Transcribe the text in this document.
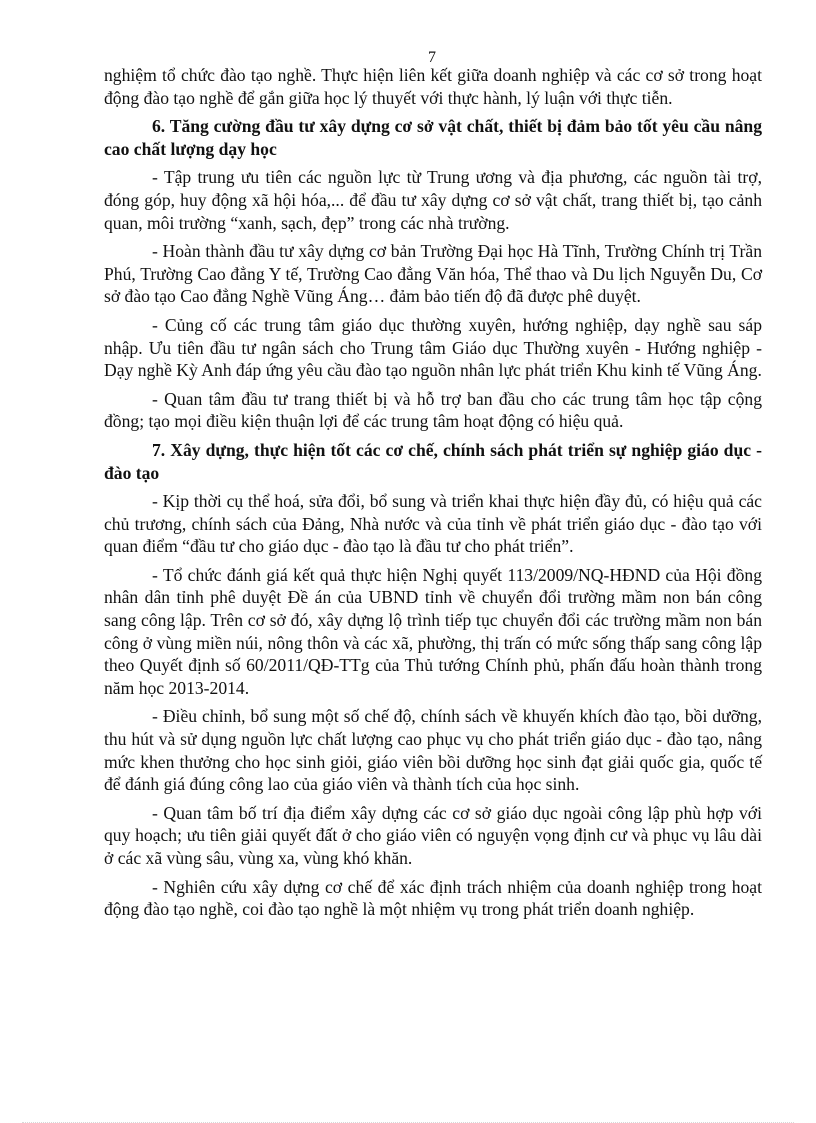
7

nghiệm tổ chức đào tạo nghề. Thực hiện liên kết giữa doanh nghiệp và các cơ sở trong hoạt động đào tạo nghề để gắn giữa học lý thuyết với thực hành, lý luận với thực tiễn.

6. Tăng cường đầu tư xây dựng cơ sở vật chất, thiết bị đảm bảo tốt yêu cầu nâng cao chất lượng dạy học

- Tập trung ưu tiên các nguồn lực từ Trung ương và địa phương, các nguồn tài trợ, đóng góp, huy động xã hội hóa,... để đầu tư xây dựng cơ sở vật chất, trang thiết bị, tạo cảnh quan, môi trường “xanh, sạch, đẹp” trong các nhà trường.

- Hoàn thành đầu tư xây dựng cơ bản Trường Đại học Hà Tĩnh, Trường Chính trị Trần Phú, Trường Cao đẳng Y tế, Trường Cao đẳng Văn hóa, Thể thao và Du lịch Nguyễn Du, Cơ sở đào tạo Cao đẳng Nghề Vũng Áng… đảm bảo tiến độ đã được phê duyệt.

- Củng cố các trung tâm giáo dục thường xuyên, hướng nghiệp, dạy nghề sau sáp nhập. Ưu tiên đầu tư ngân sách cho Trung tâm Giáo dục Thường xuyên - Hướng nghiệp - Dạy nghề Kỳ Anh đáp ứng yêu cầu đào tạo nguồn nhân lực phát triển Khu kinh tế Vũng Áng.

- Quan tâm đầu tư trang thiết bị và hỗ trợ ban đầu cho các trung tâm học tập cộng đồng; tạo mọi điều kiện thuận lợi để các trung tâm hoạt động có hiệu quả.

7. Xây dựng, thực hiện tốt các cơ chế, chính sách phát triển sự nghiệp giáo dục - đào tạo

- Kịp thời cụ thể hoá, sửa đổi, bổ sung và triển khai thực hiện đầy đủ, có hiệu quả các chủ trương, chính sách của Đảng, Nhà nước và của tỉnh về phát triển giáo dục - đào tạo với quan điểm “đầu tư cho giáo dục - đào tạo là đầu tư cho phát triển”.

- Tổ chức đánh giá kết quả thực hiện Nghị quyết 113/2009/NQ-HĐND của Hội đồng nhân dân tỉnh phê duyệt Đề án của UBND tỉnh về chuyển đổi trường mầm non bán công sang công lập. Trên cơ sở đó, xây dựng lộ trình tiếp tục chuyển đổi các trường mầm non bán công ở vùng miền núi, nông thôn và các xã, phường, thị trấn có mức sống thấp sang công lập theo Quyết định số 60/2011/QĐ-TTg của Thủ tướng Chính phủ, phấn đấu hoàn thành trong năm học 2013-2014.

- Điều chỉnh, bổ sung một số chế độ, chính sách về khuyến khích đào tạo, bồi dưỡng, thu hút và sử dụng nguồn lực chất lượng cao phục vụ cho phát triển giáo dục - đào tạo, nâng mức khen thưởng cho học sinh giỏi, giáo viên bồi dưỡng học sinh đạt giải quốc gia, quốc tế để đánh giá đúng công lao của giáo viên và thành tích của học sinh.

- Quan tâm bố trí địa điểm xây dựng các cơ sở giáo dục ngoài công lập phù hợp với quy hoạch; ưu tiên giải quyết đất ở cho giáo viên có nguyện vọng định cư và phục vụ lâu dài ở các xã vùng sâu, vùng xa, vùng khó khăn.

- Nghiên cứu xây dựng cơ chế để xác định trách nhiệm của doanh nghiệp trong hoạt động đào tạo nghề, coi đào tạo nghề là một nhiệm vụ trong phát triển doanh nghiệp.
